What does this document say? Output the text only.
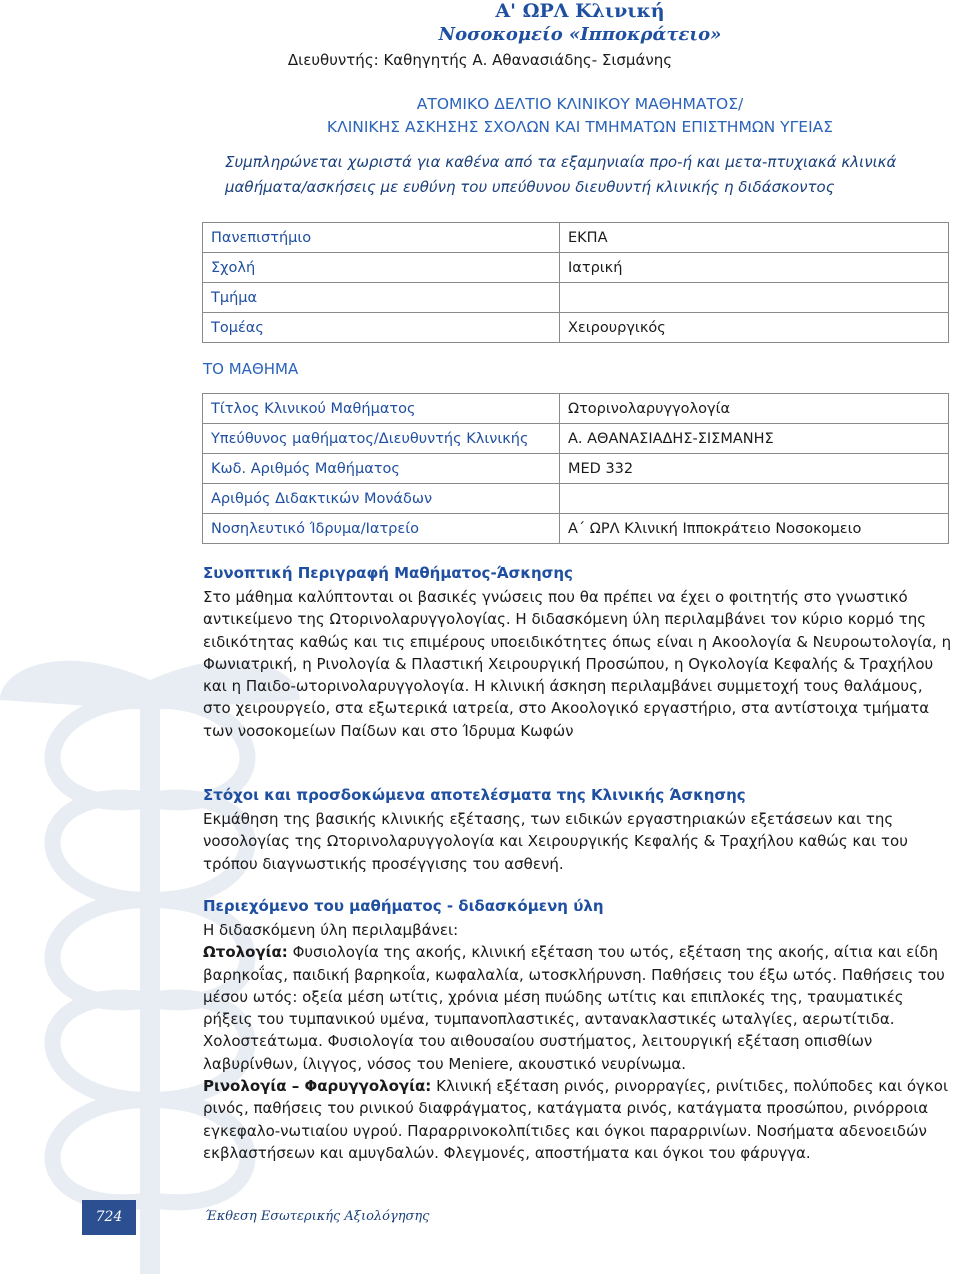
Α' ΩΡΛ Κλινική
Νοσοκομείο «Ιπποκράτειο»
Διευθυντής: Καθηγητής Α. Αθανασιάδης- Σισμάνης
ΑΤΟΜΙΚΟ ΔΕΛΤΙΟ ΚΛΙΝΙΚΟΥ ΜΑΘΗΜΑΤΟΣ/
ΚΛΙΝΙΚΗΣ ΑΣΚΗΣΗΣ ΣΧΟΛΩΝ ΚΑΙ ΤΜΗΜΑΤΩΝ ΕΠΙΣΤΗΜΩΝ ΥΓΕΙΑΣ
Συμπληρώνεται χωριστά για καθένα από τα εξαμηνιαία προ-ή και μετα-πτυχιακά κλινικά μαθήματα/ασκήσεις με ευθύνη του υπεύθυνου διευθυντή κλινικής η διδάσκοντος
Πανεπιστήμιο	ΕΚΠΑ
Σχολή	Ιατρική
Τμήμα	
Τομέας	Χειρουργικός
ΤΟ ΜΑΘΗΜΑ
Τίτλος Κλινικού Μαθήματος	Ωτορινολαρυγγολογία
Υπεύθυνος μαθήματος/Διευθυντής Κλινικής	Α. ΑΘΑΝΑΣΙΑΔΗΣ-ΣΙΣΜΑΝΗΣ
Κωδ. Αριθμός Μαθήματος	MED 332
Αριθμός Διδακτικών Μονάδων	
Νοσηλευτικό Ίδρυμα/Ιατρείο	Α΄ ΩΡΛ Κλινική Ιπποκράτειο Νοσοκομειο
Συνοπτική Περιγραφή Μαθήματος-Άσκησης
Στο μάθημα καλύπτονται οι βασικές γνώσεις που θα πρέπει να έχει ο φοιτητής στο γνωστικό αντικείμενο της Ωτορινολαρυγγολογίας. Η διδασκόμενη ύλη περιλαμβάνει τον κύριο κορμό της ειδικότητας καθώς και τις επιμέρους υποειδικότητες όπως είναι η Ακοολογία & Νευροωτολογία, η Φωνιατρική, η Ρινολογία & Πλαστική Χειρουργική Προσώπου, η Ογκολογία Κεφαλής & Τραχήλου και η Παιδο-ωτορινολαρυγγολογία. Η κλινική άσκηση περιλαμβάνει συμμετοχή τους θαλάμους, στο χειρουργείο, στα εξωτερικά ιατρεία, στο Ακοολογικό εργαστήριο, στα αντίστοιχα τμήματα των νοσοκομείων Παίδων και στο Ίδρυμα Κωφών
Στόχοι και προσδοκώμενα αποτελέσματα της Κλινικής Άσκησης
Εκμάθηση της βασικής κλινικής εξέτασης, των ειδικών εργαστηριακών εξετάσεων και της νοσολογίας της Ωτορινολαρυγγολογία και Χειρουργικής Κεφαλής & Τραχήλου καθώς και του τρόπου διαγνωστικής προσέγγισης του ασθενή.
Περιεχόμενο του μαθήματος - διδασκόμενη ύλη

Η διδασκόμενη ύλη περιλαμβάνει:

Ωτολογία: Φυσιολογία της ακοής, κλινική εξέταση του ωτός, εξέταση της ακοής, αίτια και είδη βαρηκοΐας, παιδική βαρηκοΐα, κωφαλαλία, ωτοσκλήρυνση. Παθήσεις του έξω ωτός. Παθήσεις του μέσου ωτός: οξεία μέση ωτίτις, χρόνια μέση πυώδης ωτίτις και επιπλοκές της, τραυματικές ρήξεις του τυμπανικού υμένα, τυμπανοπλαστικές, αντανακλαστικές ωταλγίες, αερωτίτιδα. Χολοστεάτωμα. Φυσιολογία του αιθουσαίου συστήματος, λειτουργική εξέταση οπισθίων λαβυρίνθων, ίλιγγος, νόσος του Meniere, ακουστικό νευρίνωμα.

Ρινολογία – Φαρυγγολογία: Κλινική εξέταση ρινός, ρινορραγίες, ρινίτιδες, πολύποδες και όγκοι ρινός, παθήσεις του ρινικού διαφράγματος, κατάγματα ρινός, κατάγματα προσώπου, ρινόρροια εγκεφαλο-νωτιαίου υγρού. Παραρρινοκολπίτιδες και όγκοι παραρρινίων. Νοσήματα αδενοειδών εκβλαστήσεων και αμυγδαλών. Φλεγμονές, αποστήματα και όγκοι του φάρυγγα.

724	Έκθεση Εσωτερικής Αξιολόγησης
